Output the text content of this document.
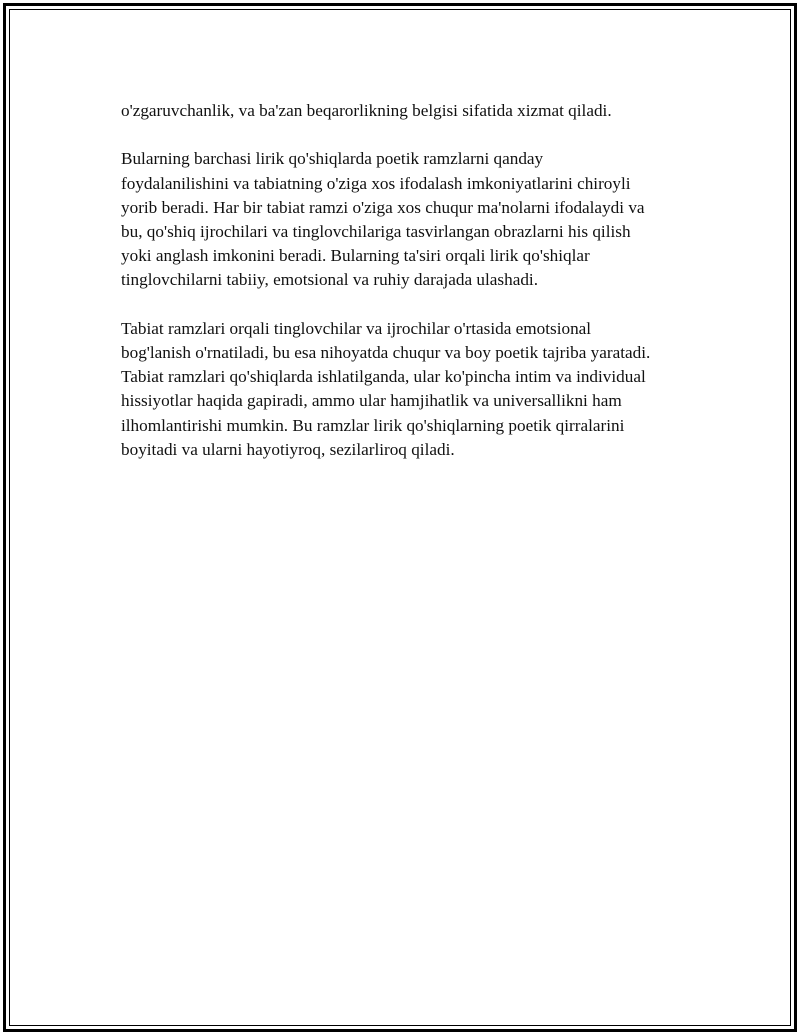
o'zgaruvchanlik, va ba'zan beqarorlikning belgisi sifatida xizmat qiladi.

Bularning barchasi lirik qo'shiqlarda poetik ramzlarni qanday
foydalanilishini va tabiatning o'ziga xos ifodalash imkoniyatlarini chiroyli
yorib beradi. Har bir tabiat ramzi o'ziga xos chuqur ma'nolarni ifodalaydi va
bu, qo'shiq ijrochilari va tinglovchilariga tasvirlangan obrazlarni his qilish
yoki anglash imkonini beradi. Bularning ta'siri orqali lirik qo'shiqlar
tinglovchilarni tabiiy, emotsional va ruhiy darajada ulashadi.

Tabiat ramzlari orqali tinglovchilar va ijrochilar o'rtasida emotsional
bog'lanish o'rnatiladi, bu esa nihoyatda chuqur va boy poetik tajriba yaratadi.
Tabiat ramzlari qo'shiqlarda ishlatilganda, ular ko'pincha intim va individual
hissiyotlar haqida gapiradi, ammo ular hamjihatlik va universallikni ham
ilhomlantirishi mumkin. Bu ramzlar lirik qo'shiqlarning poetik qirralarini
boyitadi va ularni hayotiyroq, sezilarliroq qiladi.
